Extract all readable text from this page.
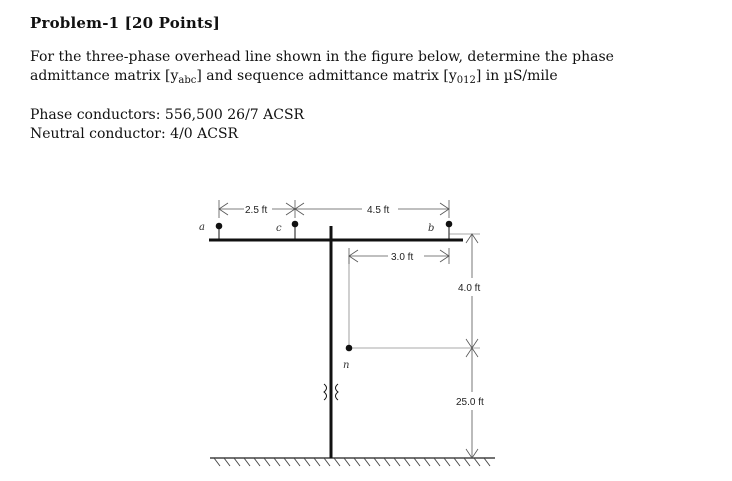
Problem-1 [20 Points]
For the three-phase overhead line shown in the figure below, determine the phase
admittance matrix $[y_{abc}]$ and sequence admittance matrix $[y_{012}]$ in µS/mile
Phase conductors: 556,500 26/7 ACSR
Neutral conductor: 4/0 ACSR
a	c	b
n
2.5 ft	4.5 ft
3.0 ft
4.0 ft
25.0 ft
